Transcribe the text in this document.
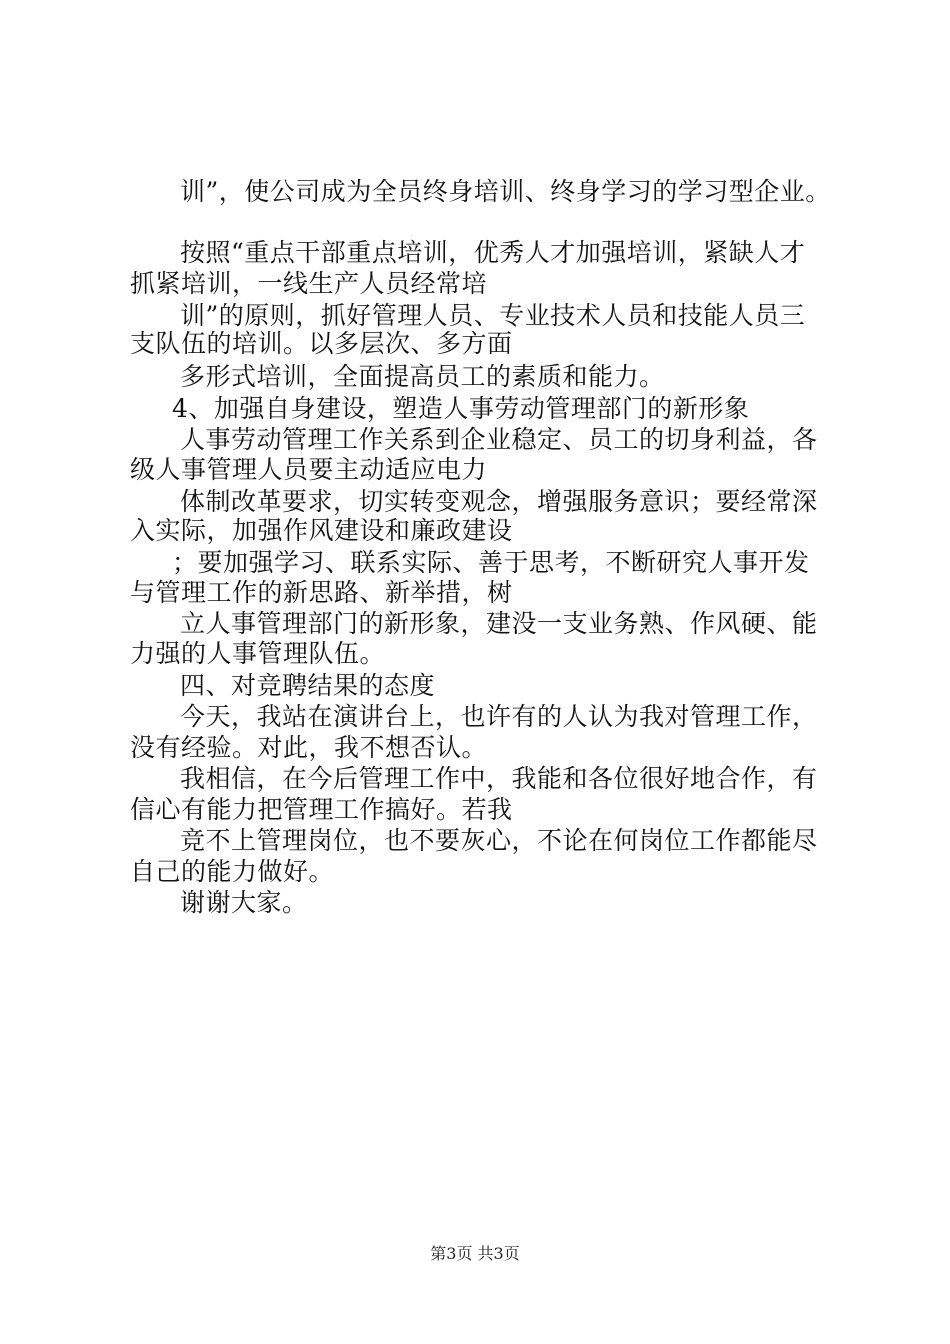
训”，使公司成为全员终身培训、终身学习的学习型企业。
按照“重点干部重点培训，优秀人才加强培训，紧缺人才
抓紧培训，一线生产人员经常培
训”的原则，抓好管理人员、专业技术人员和技能人员三
支队伍的培训。以多层次、多方面
多形式培训，全面提高员工的素质和能力。
4、加强自身建设，塑造人事劳动管理部门的新形象
人事劳动管理工作关系到企业稳定、员工的切身利益，各
级人事管理人员要主动适应电力
体制改革要求，切实转变观念，增强服务意识；要经常深
入实际，加强作风建设和廉政建设
；要加强学习、联系实际、善于思考，不断研究人事开发
与管理工作的新思路、新举措，树
立人事管理部门的新形象，建没一支业务熟、作风硬、能
力强的人事管理队伍。
四、对竞聘结果的态度
今天，我站在演讲台上，也许有的人认为我对管理工作，
没有经验。对此，我不想否认。
我相信，在今后管理工作中，我能和各位很好地合作，有
信心有能力把管理工作搞好。若我
竞不上管理岗位，也不要灰心，不论在何岗位工作都能尽
自己的能力做好。
谢谢大家。
第3页 共3页
